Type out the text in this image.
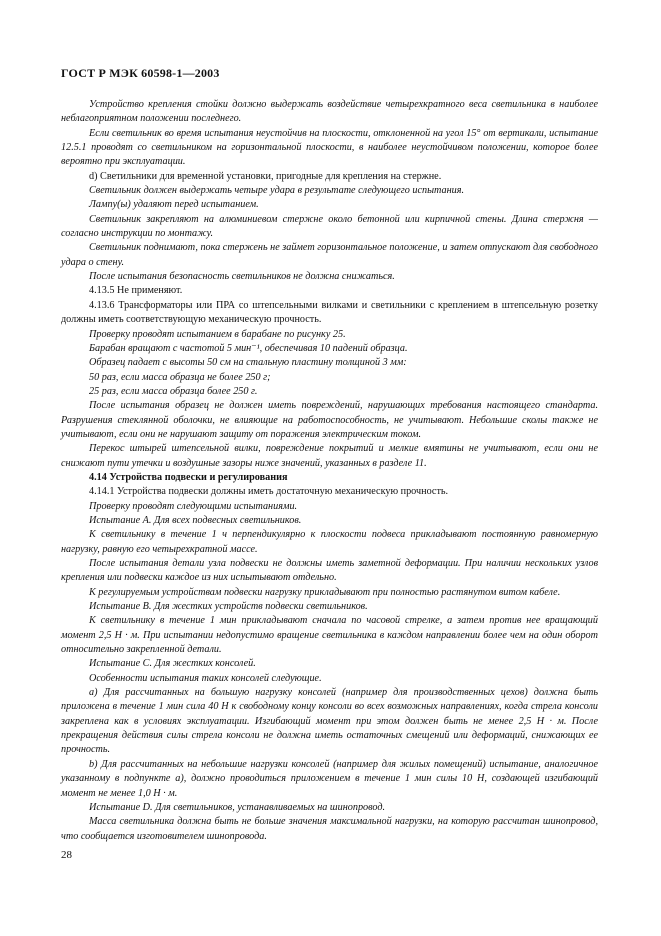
ГОСТ Р МЭК 60598-1—2003

Устройство крепления стойки должно выдержать воздействие четырехкратного веса светильника в наиболее неблагоприятном положении последнего.

Если светильник во время испытания неустойчив на плоскости, отклоненной на угол 15° от вертикали, испытание 12.5.1 проводят со светильником на горизонтальной плоскости, в наиболее неустойчивом положении, которое более вероятно при эксплуатации.

d) Светильники для временной установки, пригодные для крепления на стержне.

Светильник должен выдержать четыре удара в результате следующего испытания.

Лампу(ы) удаляют перед испытанием.

Светильник закрепляют на алюминиевом стержне около бетонной или кирпичной стены. Длина стержня — согласно инструкции по монтажу.

Светильник поднимают, пока стержень не займет горизонтальное положение, и затем отпускают для свободного удара о стену.

После испытания безопасность светильников не должна снижаться.

4.13.5 Не применяют.

4.13.6 Трансформаторы или ПРА со штепсельными вилками и светильники с креплением в штепсельную розетку должны иметь соответствующую механическую прочность.

Проверку проводят испытанием в барабане по рисунку 25.

Барабан вращают с частотой 5 мин⁻¹, обеспечивая 10 падений образца.

Образец падает с высоты 50 см на стальную пластину толщиной 3 мм:

50 раз, если масса образца не более 250 г;

25 раз, если масса образца более 250 г.

После испытания образец не должен иметь повреждений, нарушающих требования настоящего стандарта. Разрушения стеклянной оболочки, не влияющие на работоспособность, не учитывают. Небольшие сколы также не учитывают, если они не нарушают защиту от поражения электрическим током.

Перекос штырей штепсельной вилки, повреждение покрытий и мелкие вмятины не учитывают, если они не снижают пути утечки и воздушные зазоры ниже значений, указанных в разделе 11.

4.14 Устройства подвески и регулирования

4.14.1 Устройства подвески должны иметь достаточную механическую прочность.

Проверку проводят следующими испытаниями.

Испытание А. Для всех подвесных светильников.

К светильнику в течение 1 ч перпендикулярно к плоскости подвеса прикладывают постоянную равномерную нагрузку, равную его четырехкратной массе.

После испытания детали узла подвески не должны иметь заметной деформации. При наличии нескольких узлов крепления или подвески каждое из них испытывают отдельно.

К регулируемым устройствам подвески нагрузку прикладывают при полностью растянутом витом кабеле.

Испытание В. Для жестких устройств подвески светильников.

К светильнику в течение 1 мин прикладывают сначала по часовой стрелке, а затем против нее вращающий момент 2,5 Н · м. При испытании недопустимо вращение светильника в каждом направлении более чем на один оборот относительно закрепленной детали.

Испытание С. Для жестких консолей.

Особенности испытания таких консолей следующие.

a) Для рассчитанных на большую нагрузку консолей (например для производственных цехов) должна быть приложена в течение 1 мин сила 40 Н к свободному концу консоли во всех возможных направлениях, когда стрела консоли закреплена как в условиях эксплуатации. Изгибающий момент при этом должен быть не менее 2,5 Н · м. После прекращения действия силы стрела консоли не должна иметь остаточных смещений или деформаций, снижающих ее прочность.

b) Для рассчитанных на небольшие нагрузки консолей (например для жилых помещений) испытание, аналогичное указанному в подпункте a), должно проводиться приложением в течение 1 мин силы 10 Н, создающей изгибающий момент не менее 1,0 Н · м.

Испытание D. Для светильников, устанавливаемых на шинопровод.

Масса светильника должна быть не больше значения максимальной нагрузки, на которую рассчитан шинопровод, что сообщается изготовителем шинопровода.

28
